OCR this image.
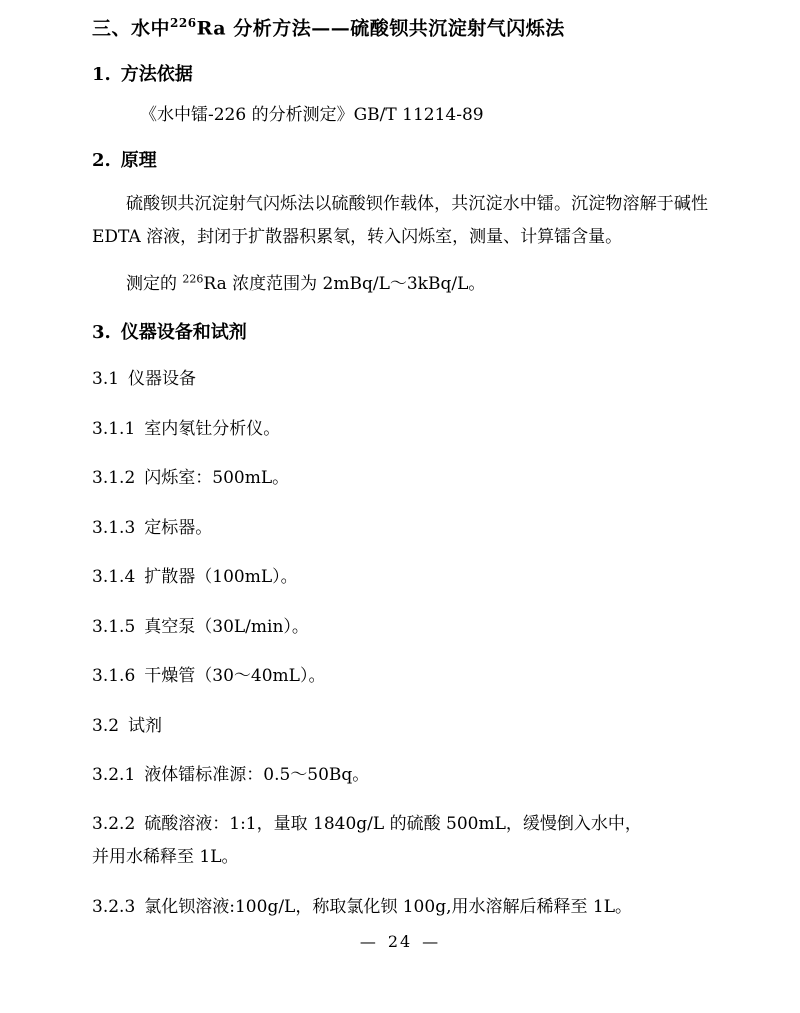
三、水中$^{226}$Ra 分析方法——硫酸钡共沉淀射气闪烁法
1. 方法依据
《水中镭-226 的分析测定》GB/T 11214-89
2. 原理

硫酸钡共沉淀射气闪烁法以硫酸钡作载体，共沉淀水中镭。沉淀物溶解于碱性 EDTA 溶液，封闭于扩散器积累氡，转入闪烁室，测量、计算镭含量。

测定的 $^{226}$Ra 浓度范围为 2mBq/L～3kBq/L。

3. 仪器设备和试剂
3.1 仪器设备
3.1.1 室内氡钍分析仪。
3.1.2 闪烁室：500mL。
3.1.3 定标器。
3.1.4 扩散器（100mL）。
3.1.5 真空泵（30L/min）。
3.1.6 干燥管（30～40mL）。
3.2 试剂
3.2.1 液体镭标准源：0.5～50Bq。
3.2.2 硫酸溶液：1:1，量取 1840g/L 的硫酸 500mL，缓慢倒入水中，
并用水稀释至 1L。
3.2.3 氯化钡溶液:100g/L，称取氯化钡 100g,用水溶解后稀释至 1L。
— 24 —
